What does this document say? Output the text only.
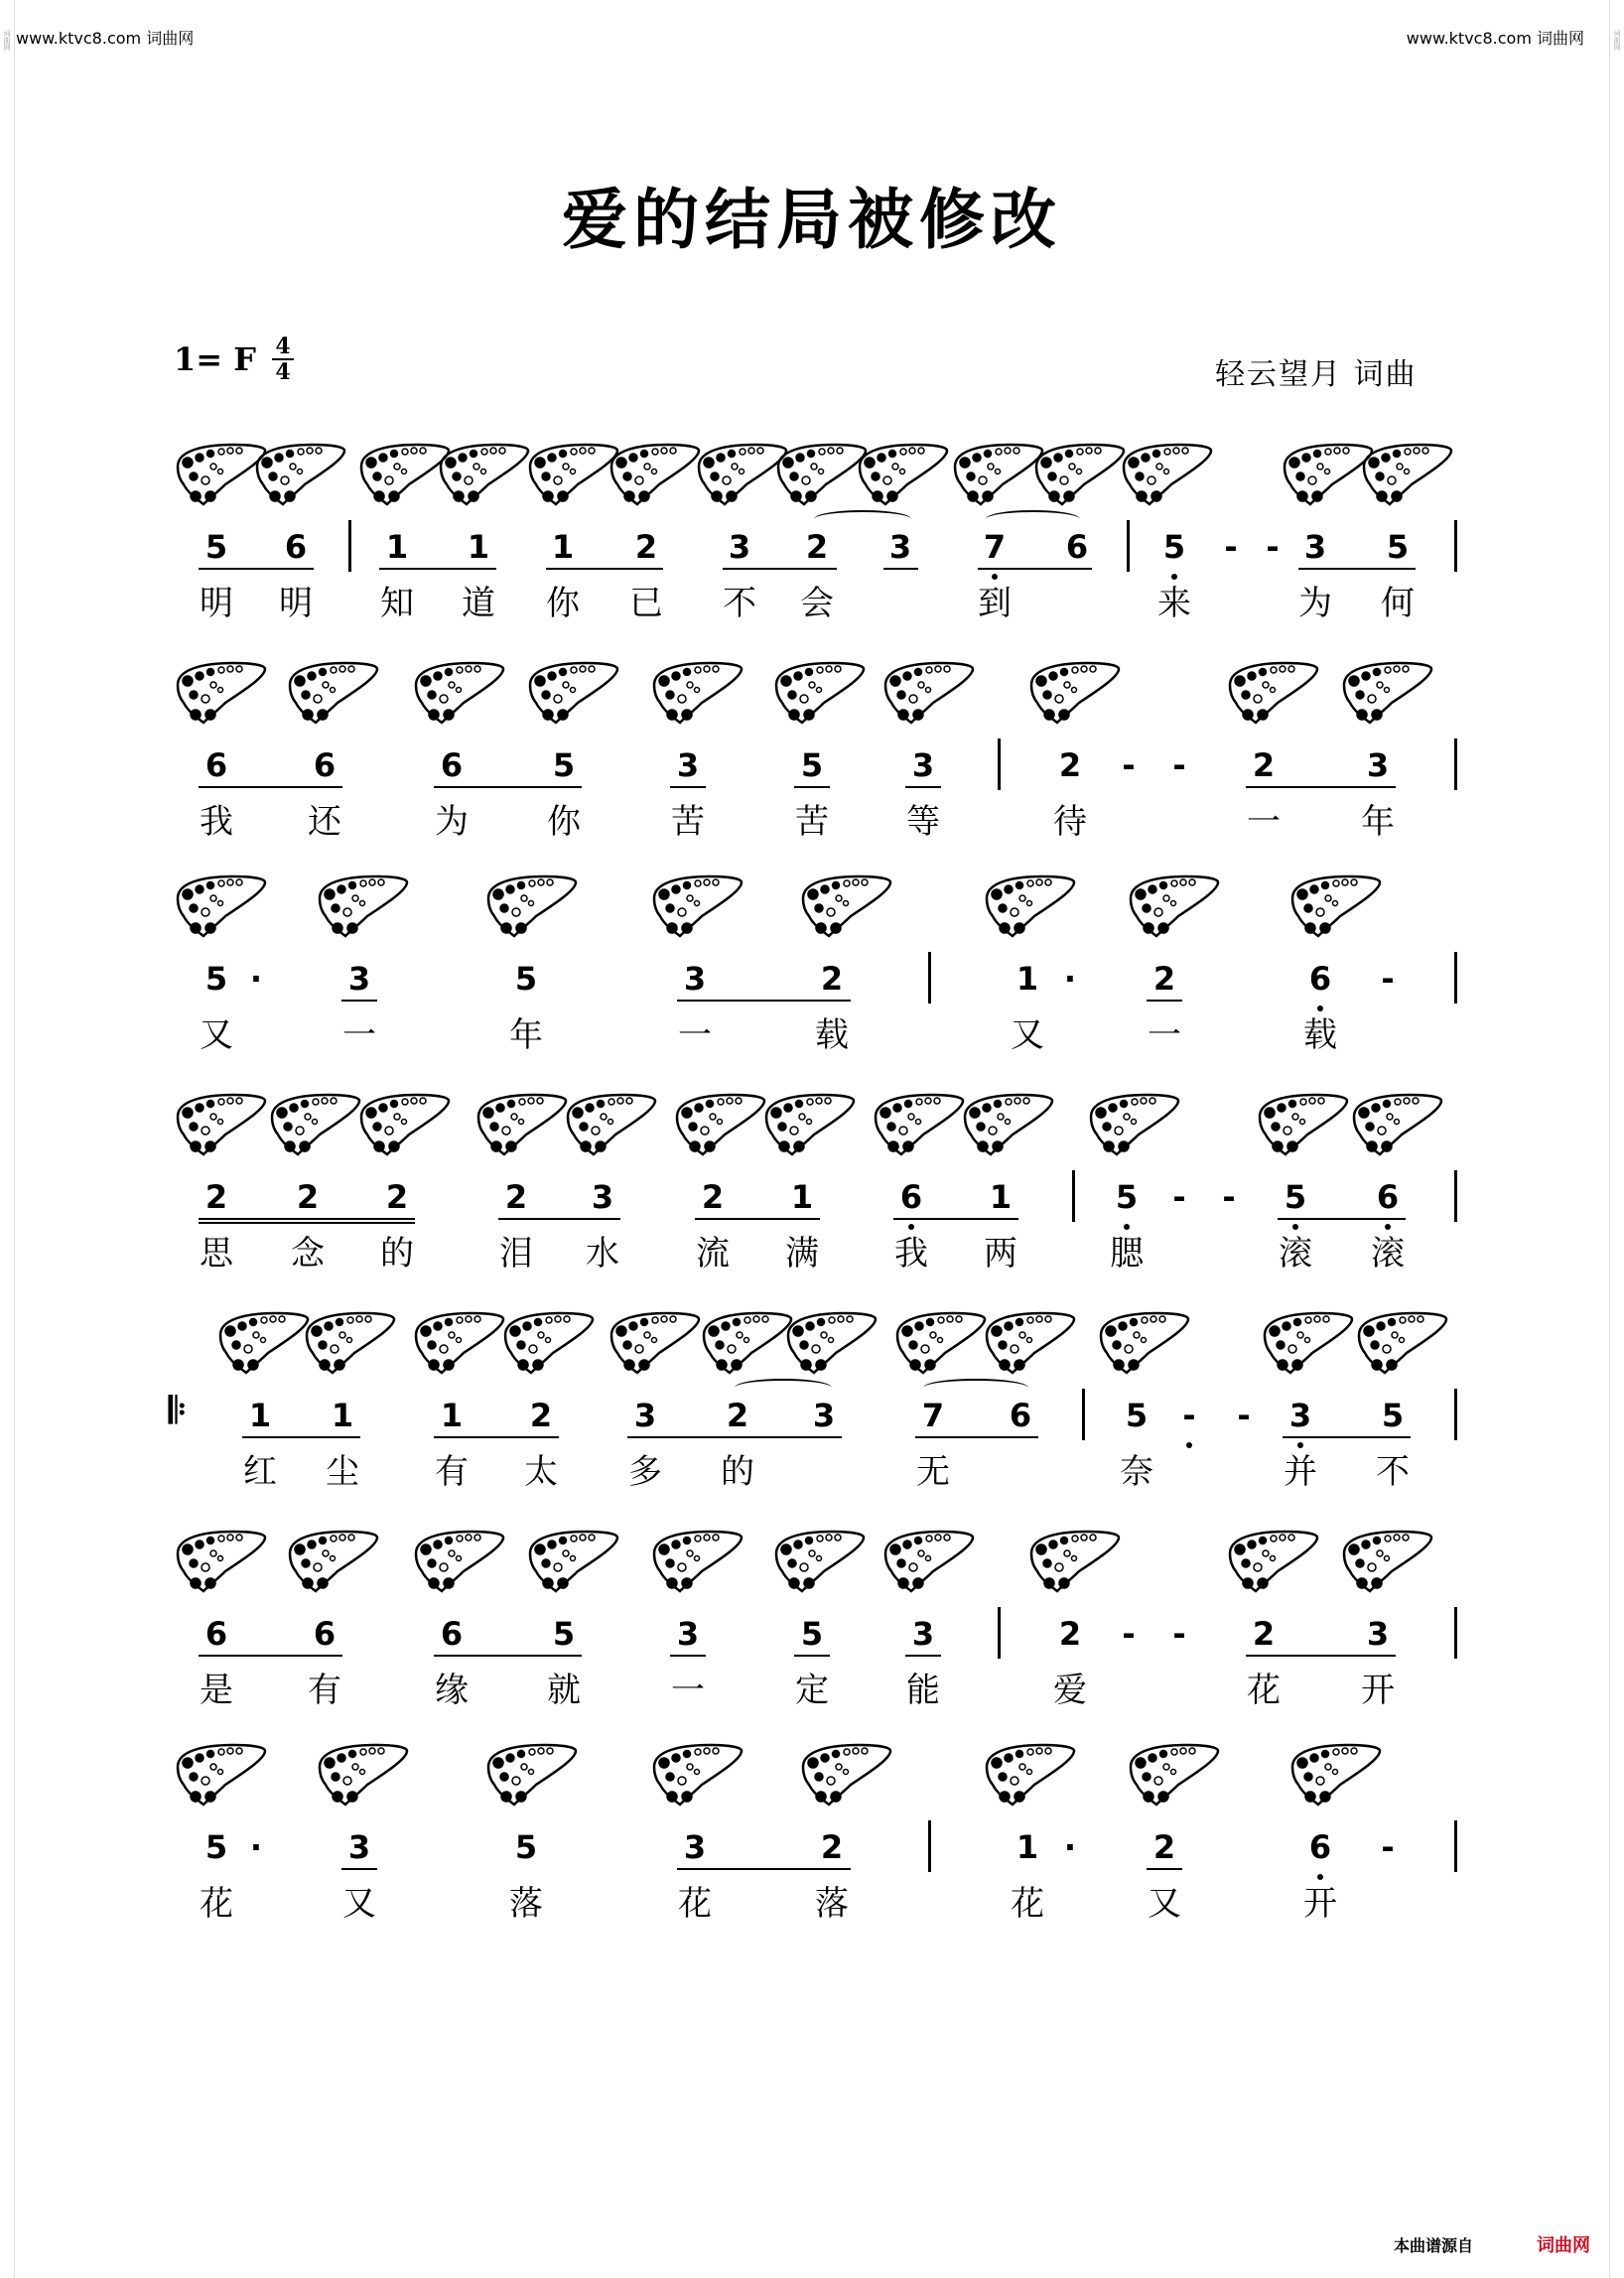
词曲网	词曲网
www.ktvc8.com 词曲网	www.ktvc8.com 词曲网
爱的结局被修改
1= F 4
4	轻云望月 词曲
5	6	1	1	1	2	3	2	3	7	6	5	- - 3	5
明	明	知	道	你	已	不	会	到	来	为	何
6	6	6	5	3	5	3	2	-	-	2	3
我	还	为	你	苦	苦	等	待	一	年
5 ·	3	5	3	2	1 ·	2	6	-
又	一	年	一	载	又	一	载
2	2	2	2	3	2	1	6	1	5	-	-	5	6
思	念	的	泪	水	流	满	我	两	腮	滚	滚
𝄆	1	1	1	2	3	2	3	7	6	5	-	-	3	5
红	尘	有	太	多	的	无	奈	并	不
6	6	6	5	3	5	3	2	-	-	2	3
是	有	缘	就	一	定	能	爱	花	开
5 ·	3	5	3	2	1 ·	2	6	-
花	又	落	花	落	花	又	开
本曲谱源自	词曲网
